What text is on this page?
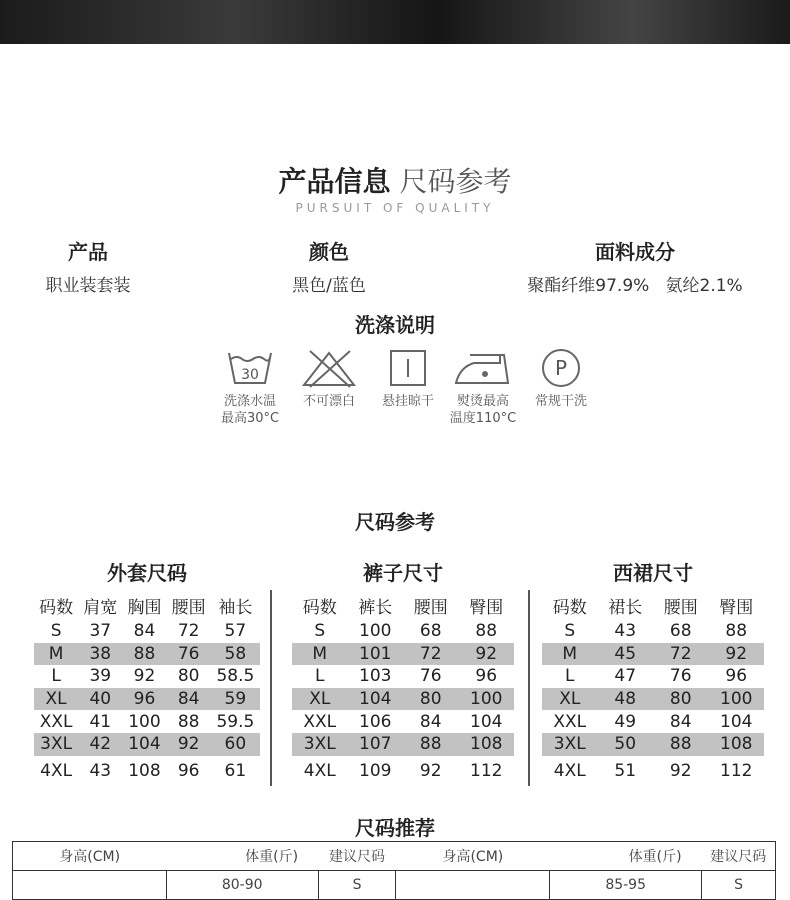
产品信息 尺码参考
PURSUIT OF QUALITY
产品
职业装套装
颜色
黑色/蓝色
面料成分
聚酯纤维97.9%   氨纶2.1%
洗涤说明
30
洗涤水温
最高30°C
不可漂白	悬挂晾干	熨烫最高
温度110°C
P
常规干洗
尺码参考
外套尺码
码数	肩宽	胸围	腰围	袖长
S	37	84	72	57
M	38	88	76	58
L	39	92	80	58.5
XL	40	96	84	59
XXL	41	100	88	59.5
3XL	42	104	92	60
4XL	43	108	96	61
裤子尺寸
码数	裤长	腰围	臀围
S	100	68	88
M	101	72	92
L	103	76	96
XL	104	80	100
XXL	106	84	104
3XL	107	88	108
4XL	109	92	112
西裙尺寸
码数	裙长	腰围	臀围
S	43	68	88
M	45	72	92
L	47	76	96
XL	48	80	100
XXL	49	84	104
3XL	50	88	108
4XL	51	92	112
尺码推荐
身高(CM)	体重(斤)	建议尺码	身高(CM)	体重(斤)	建议尺码
	80-90	S		85-95	S
